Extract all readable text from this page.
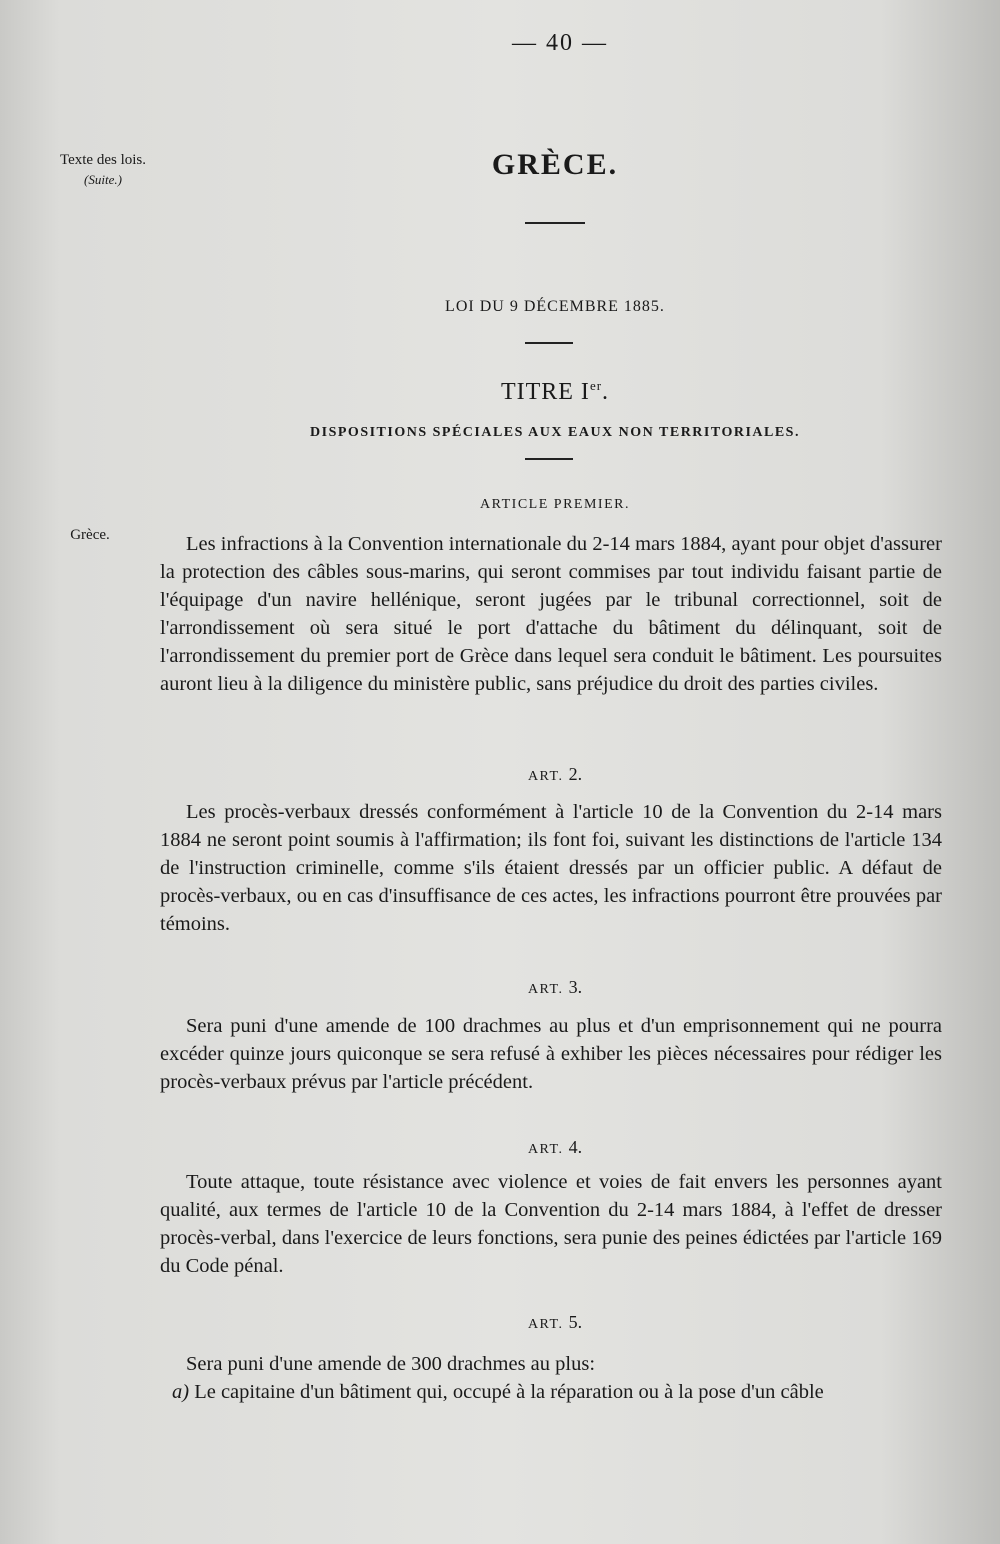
— 40 —
Texte des lois.
(Suite.)
Grèce.
GRÈCE.
LOI DU 9 DÉCEMBRE 1885.
TITRE Ier.
DISPOSITIONS SPÉCIALES AUX EAUX NON TERRITORIALES.
ARTICLE PREMIER.

Les infractions à la Convention internationale du 2-14 mars 1884, ayant pour objet d'assurer la protection des câbles sous-marins, qui seront commises par tout individu faisant partie de l'équipage d'un navire hellénique, seront jugées par le tribunal correctionnel, soit de l'arrondissement où sera situé le port d'attache du bâtiment du délinquant, soit de l'arrondissement du premier port de Grèce dans lequel sera conduit le bâtiment. Les poursuites auront lieu à la diligence du ministère public, sans préjudice du droit des parties civiles.

ART. 2.

Les procès-verbaux dressés conformément à l'article 10 de la Convention du 2-14 mars 1884 ne seront point soumis à l'affirmation; ils font foi, suivant les distinctions de l'article 134 de l'instruction criminelle, comme s'ils étaient dressés par un officier public. A défaut de procès-verbaux, ou en cas d'insuffisance de ces actes, les infractions pourront être prouvées par témoins.

ART. 3.

Sera puni d'une amende de 100 drachmes au plus et d'un emprisonnement qui ne pourra excéder quinze jours quiconque se sera refusé à exhiber les pièces nécessaires pour rédiger les procès-verbaux prévus par l'article précédent.

ART. 4.

Toute attaque, toute résistance avec violence et voies de fait envers les personnes ayant qualité, aux termes de l'article 10 de la Convention du 2-14 mars 1884, à l'effet de dresser procès-verbal, dans l'exercice de leurs fonctions, sera punie des peines édictées par l'article 169 du Code pénal.

ART. 5.

Sera puni d'une amende de 300 drachmes au plus:

a) Le capitaine d'un bâtiment qui, occupé à la réparation ou à la pose d'un câble
